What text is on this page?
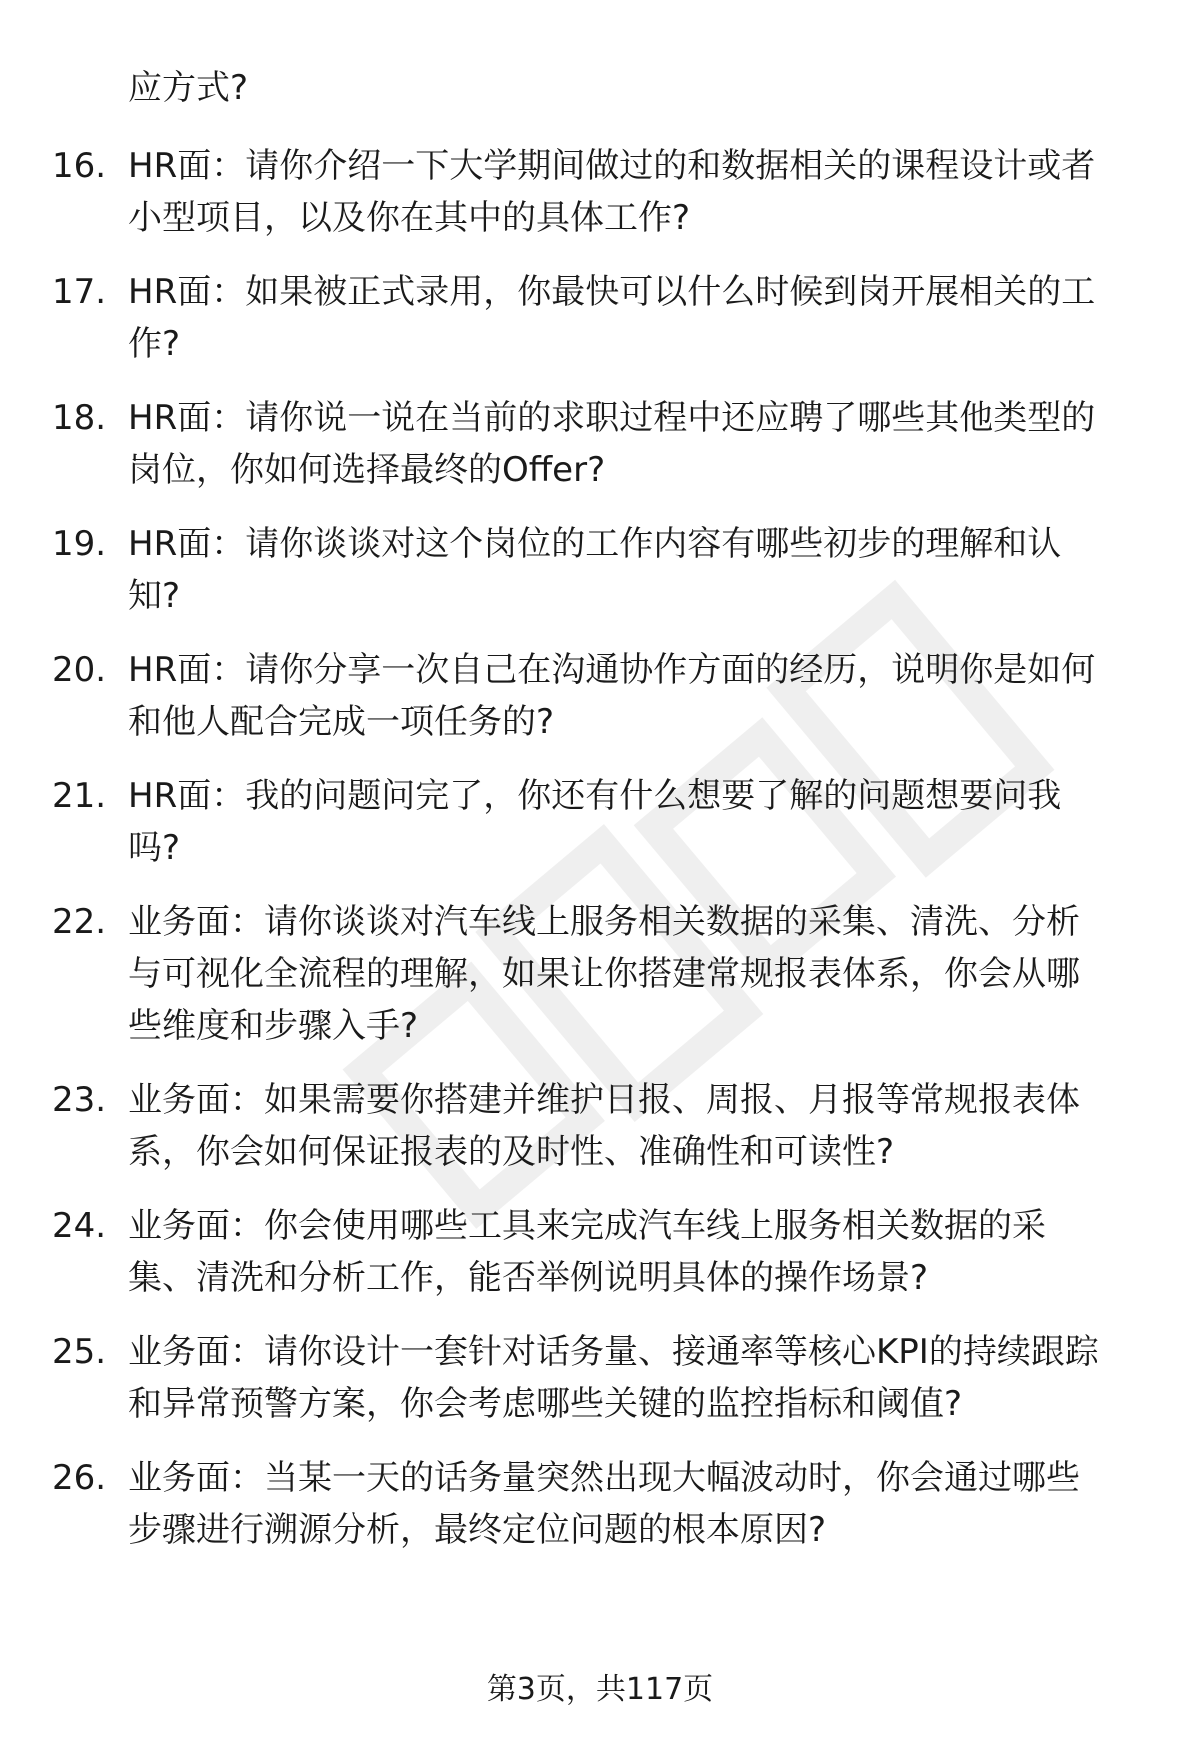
应方式?
16. HR面：请你介绍一下大学期间做过的和数据相关的课程设计或者
小型项目，以及你在其中的具体工作?
17. HR面：如果被正式录用，你最快可以什么时候到岗开展相关的工
作?
18. HR面：请你说一说在当前的求职过程中还应聘了哪些其他类型的
岗位，你如何选择最终的Offer?
19. HR面：请你谈谈对这个岗位的工作内容有哪些初步的理解和认
知?
20. HR面：请你分享一次自己在沟通协作方面的经历，说明你是如何
和他人配合完成一项任务的?
21. HR面：我的问题问完了，你还有什么想要了解的问题想要问我
吗?
22. 业务面：请你谈谈对汽车线上服务相关数据的采集、清洗、分析
与可视化全流程的理解，如果让你搭建常规报表体系，你会从哪
些维度和步骤入手?
23. 业务面：如果需要你搭建并维护日报、周报、月报等常规报表体
系，你会如何保证报表的及时性、准确性和可读性?
24. 业务面：你会使用哪些工具来完成汽车线上服务相关数据的采
集、清洗和分析工作，能否举例说明具体的操作场景?
25. 业务面：请你设计一套针对话务量、接通率等核心KPI的持续跟踪
和异常预警方案，你会考虑哪些关键的监控指标和阈值?
26. 业务面：当某一天的话务量突然出现大幅波动时，你会通过哪些
步骤进行溯源分析，最终定位问题的根本原因?
第3页，共117页
